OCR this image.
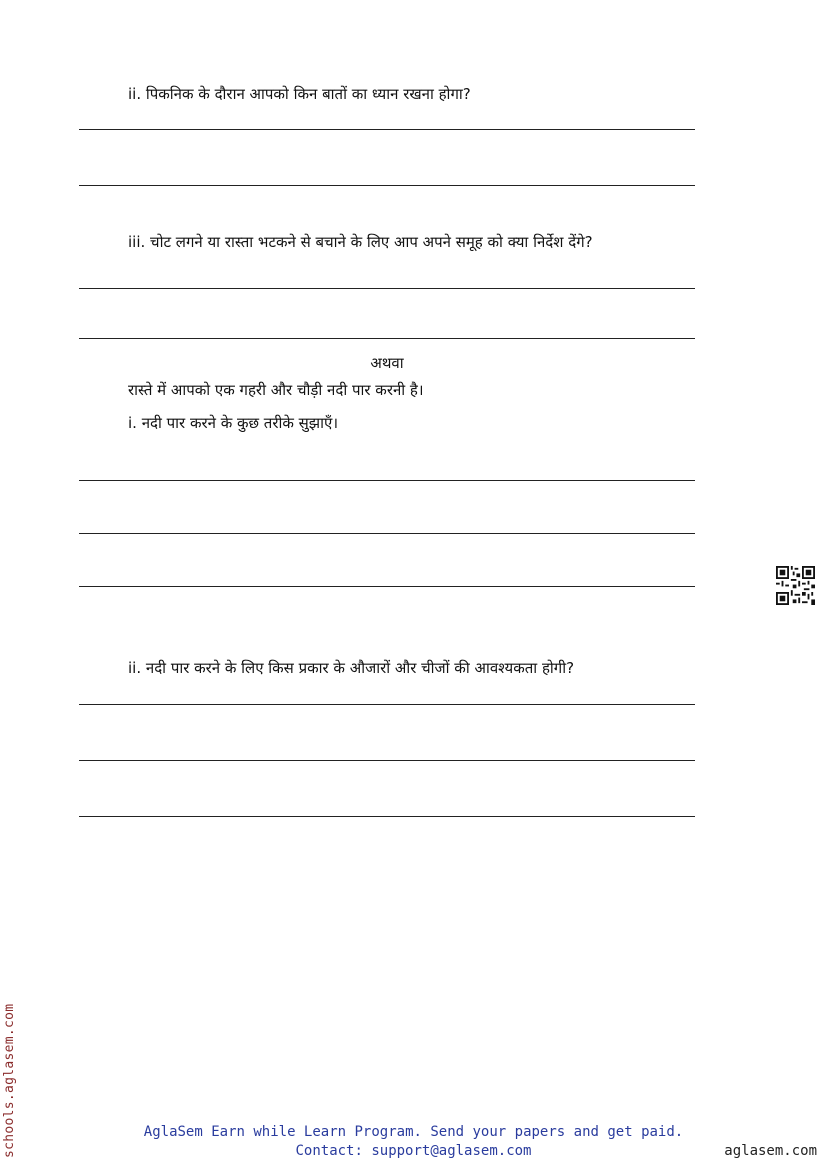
ii. पिकनिक के दौरान आपको किन बातों का ध्यान रखना होगा?
iii. चोट लगने या रास्ता भटकने से बचाने के लिए आप अपने समूह को क्या निर्देश देंगे?
अथवा
रास्ते में आपको एक गहरी और चौड़ी नदी पार करनी है।
i. नदी पार करने के कुछ तरीके सुझाएँ।
ii. नदी पार करने के लिए किस प्रकार के औजारों और चीजों की आवश्यकता होगी?
schools.aglasem.com	AglaSem Earn while Learn Program. Send your papers and get paid.
Contact: support@aglasem.com	aglasem.com
